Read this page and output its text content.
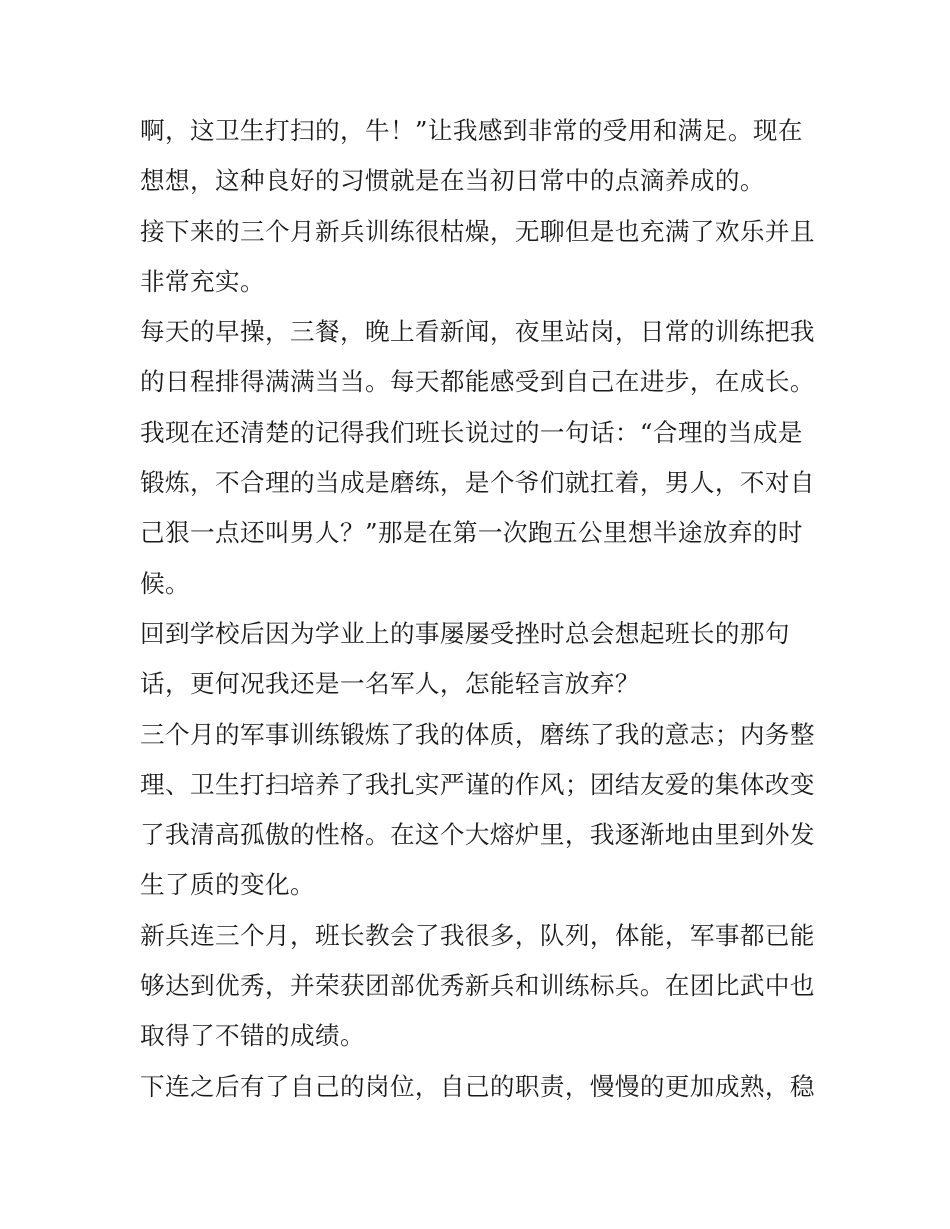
啊，这卫生打扫的，牛！”让我感到非常的受用和满足。现在
想想，这种良好的习惯就是在当初日常中的点滴养成的。
接下来的三个月新兵训练很枯燥，无聊但是也充满了欢乐并且
非常充实。
每天的早操，三餐，晚上看新闻，夜里站岗，日常的训练把我
的日程排得满满当当。每天都能感受到自己在进步，在成长。
我现在还清楚的记得我们班长说过的一句话：“合理的当成是
锻炼，不合理的当成是磨练，是个爷们就扛着，男人，不对自
己狠一点还叫男人？”那是在第一次跑五公里想半途放弃的时
候。
回到学校后因为学业上的事屡屡受挫时总会想起班长的那句
话，更何况我还是一名军人，怎能轻言放弃？
三个月的军事训练锻炼了我的体质，磨练了我的意志；内务整
理、卫生打扫培养了我扎实严谨的作风；团结友爱的集体改变
了我清高孤傲的性格。在这个大熔炉里，我逐渐地由里到外发
生了质的变化。
新兵连三个月，班长教会了我很多，队列，体能，军事都已能
够达到优秀，并荣获团部优秀新兵和训练标兵。在团比武中也
取得了不错的成绩。
下连之后有了自己的岗位，自己的职责，慢慢的更加成熟，稳
